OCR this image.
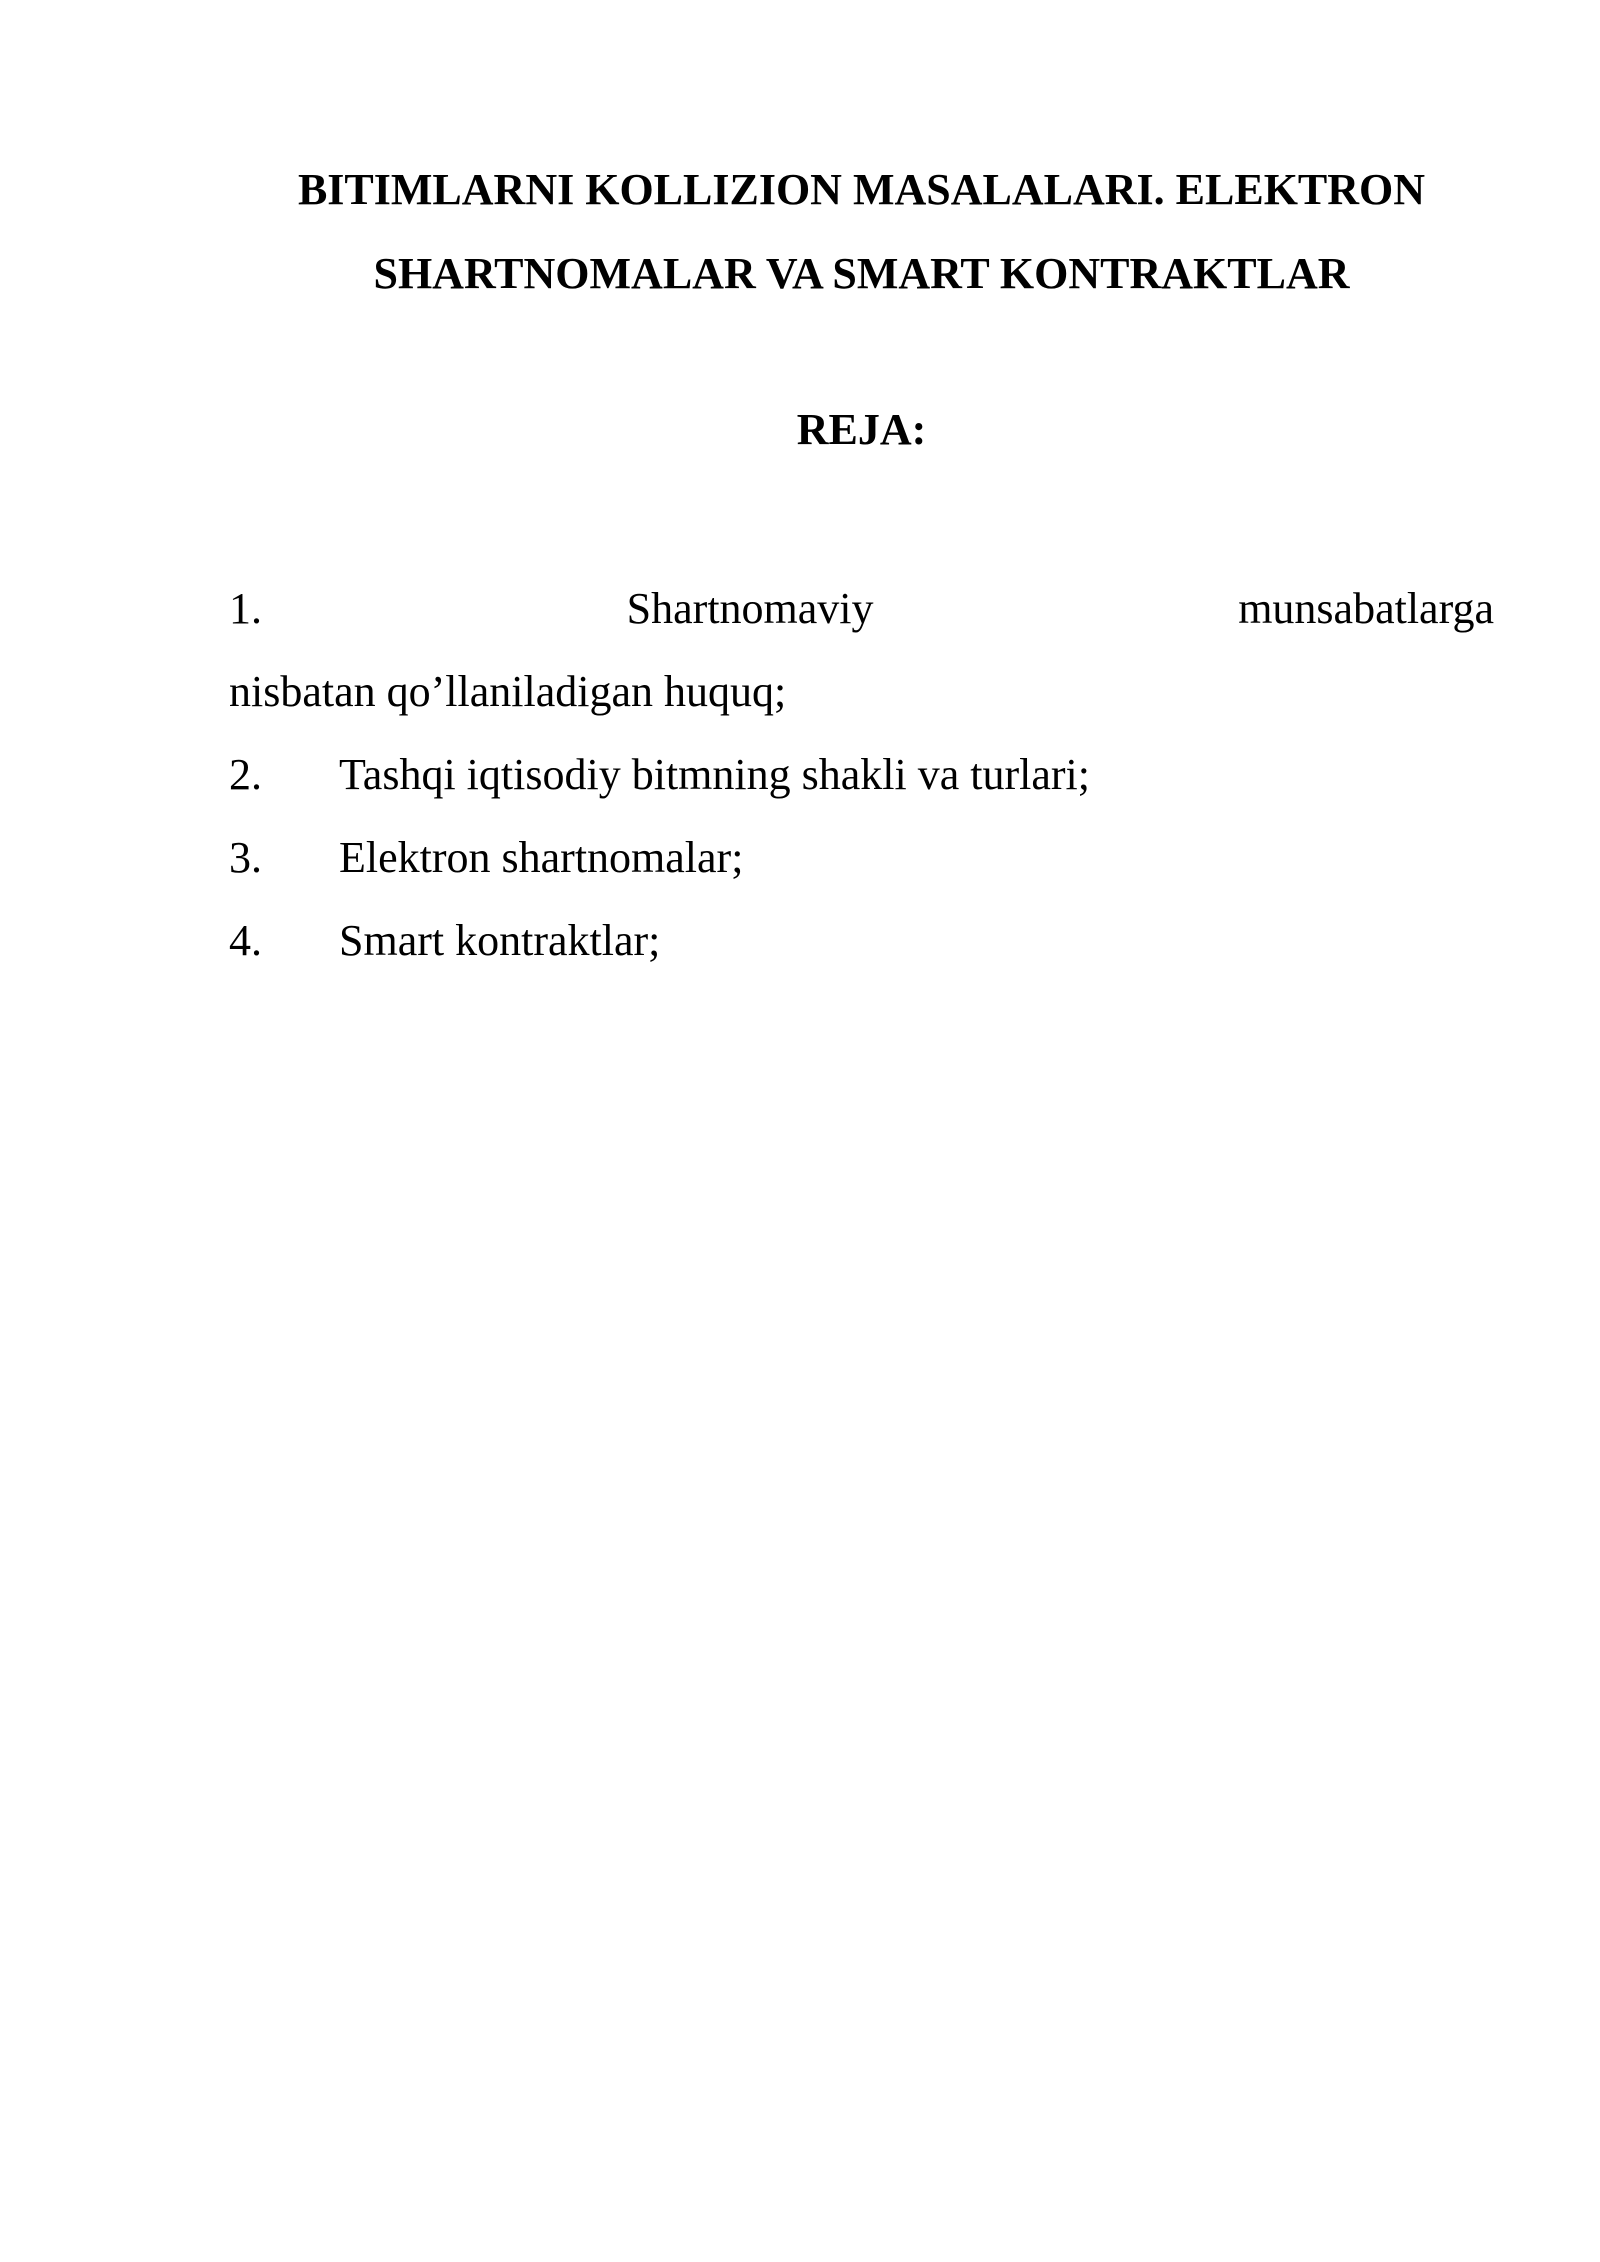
BITIMLARNI KOLLIZION MASALALARI. ELEKTRON
SHARTNOMALAR VA SMART KONTRAKTLAR
REJA:
1.	Shartnomaviy	munsabatlarga
nisbatan qo’llaniladigan huquq;
2.	Tashqi iqtisodiy bitmning shakli va turlari;
3.	Elektron shartnomalar;
4.	Smart kontraktlar;
